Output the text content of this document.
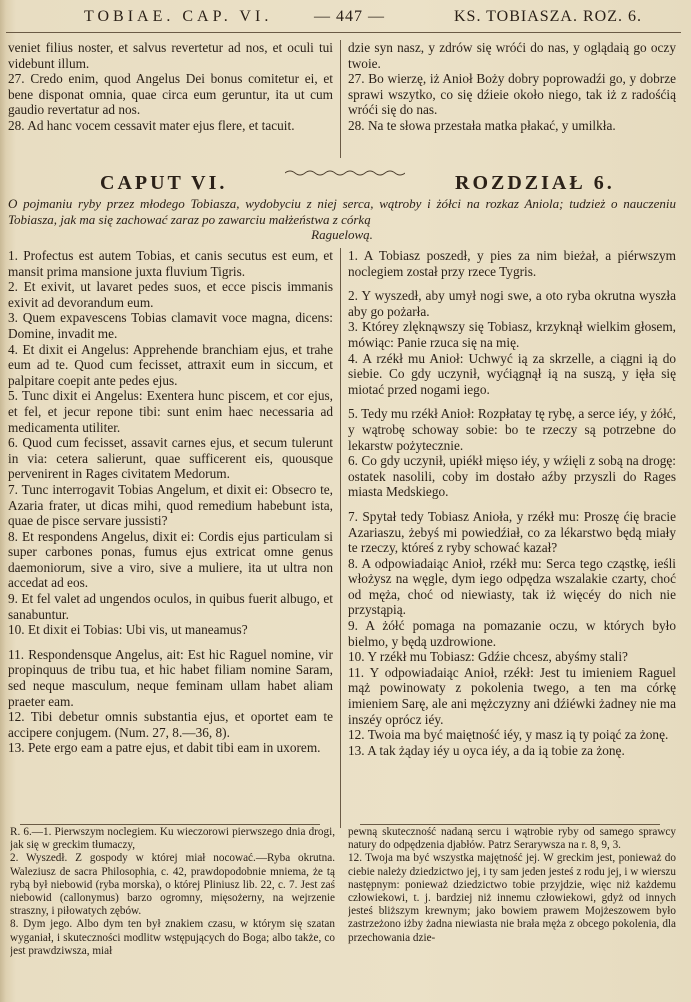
TOBIAE. CAP. VI.	— 447 —	KS. TOBIASZA. ROZ. 6.

veniet filius noster, et salvus revertetur ad nos, et oculi tui videbunt illum.

27. Credo enim, quod Angelus Dei bonus comitetur ei, et bene disponat omnia, quae circa eum geruntur, ita ut cum gaudio revertatur ad nos.

28. Ad hanc vocem cessavit mater ejus flere, et tacuit.

dzie syn nasz, y zdrów się wróći do nas, y oglądaią go oczy twoie.

27. Bo wierzę, iż Anioł Boży dobry poprowadźi go, y dobrze sprawi wszytko, co się dźieie około niego, tak iż z radośćią wróći się do nas.

28. Na te słowa przestała matka płakać, y umilkła.

CAPUT VI.	ROZDZIAŁ 6.
O pojmaniu ryby przez młodego Tobiasza, wydobyciu z niej serca, wątroby i żółci na rozkaz Aniola; tudzież o nauczeniu Tobiasza, jak ma się zachować zaraz po zawarciu małżeństwa z córką
Raguelową.

1. Profectus est autem Tobias, et canis secutus est eum, et mansit prima mansione juxta fluvium Tigris.

2. Et exivit, ut lavaret pedes suos, et ecce piscis immanis exivit ad devorandum eum.

3. Quem expavescens Tobias clamavit voce magna, dicens: Domine, invadit me.

4. Et dixit ei Angelus: Apprehende branchiam ejus, et trahe eum ad te. Quod cum fecisset, attraxit eum in siccum, et palpitare coepit ante pedes ejus.

5. Tunc dixit ei Angelus: Exentera hunc piscem, et cor ejus, et fel, et jecur repone tibi: sunt enim haec necessaria ad medicamenta utiliter.

6. Quod cum fecisset, assavit carnes ejus, et secum tulerunt in via: cetera salierunt, quae sufficerent eis, quousque pervenirent in Rages civitatem Medorum.

7. Tunc interrogavit Tobias Angelum, et dixit ei: Obsecro te, Azaria frater, ut dicas mihi, quod remedium habebunt ista, quae de pisce servare jussisti?

8. Et respondens Angelus, dixit ei: Cordis ejus particulam si super carbones ponas, fumus ejus extricat omne genus daemoniorum, sive a viro, sive a muliere, ita ut ultra non accedat ad eos.

9. Et fel valet ad ungendos oculos, in quibus fuerit albugo, et sanabuntur.

10. Et dixit ei Tobias: Ubi vis, ut maneamus?

11. Respondensque Angelus, ait: Est hic Raguel nomine, vir propinquus de tribu tua, et hic habet filiam nomine Saram, sed neque masculum, neque feminam ullam habet aliam praeter eam.

12. Tibi debetur omnis substantia ejus, et oportet eam te accipere conjugem. (Num. 27, 8.—36, 8).

13. Pete ergo eam a patre ejus, et dabit tibi eam in uxorem.

1. A Tobiasz poszedł, y pies za nim bieżał, a piérwszym noclegiem został przy rzece Tygris.

2. Y wyszedł, aby umył nogi swe, a oto ryba okrutna wyszła aby go pożarła.

3. Którey zlęknąwszy się Tobiasz, krzyknął wielkim głosem, mówiąc: Panie rzuca się na mię.

4. A rzékł mu Anioł: Uchwyć ią za skrzelle, a ciągni ią do siebie. Co gdy uczynił, wyćiągnął ią na suszą, y ięła się miotać przed nogami iego.

5. Tedy mu rzékł Anioł: Rozpłatay tę rybę, a serce iéy, y żółć, y wątrobę schoway sobie: bo te rzeczy są potrzebne do lekarstw pożytecznie.

6. Co gdy uczynił, upiékł mięso iéy, y wźięli z sobą na drogę: ostatek nasolili, coby im dostało aźby przyszli do Rages miasta Medskiego.

7. Spytał tedy Tobiasz Anioła, y rzékł mu: Proszę ćię bracie Azariaszu, żebyś mi powiedźiał, co za lékarstwo będą miały te rzeczy, któreś z ryby schować kazał?

8. A odpowiadaiąc Anioł, rzékł mu: Serca tego cząstkę, ieśli włożysz na węgle, dym iego odpędza wszalakie czarty, choć od męża, choć od niewiasty, tak iż więcéy do nich nie przystąpią.

9. A żółć pomaga na pomazanie oczu, w których było bielmo, y będą uzdrowione.

10. Y rzékł mu Tobiasz: Gdźie chcesz, abyśmy stali?

11. Y odpowiadaiąc Anioł, rzékł: Jest tu imieniem Raguel mąż powinowaty z pokolenia twego, a ten ma córkę imieniem Sarę, ale ani mężczyzny ani dźiéwki żadney nie ma inszéy oprócz iéy.

12. Twoia ma być maiętność iéy, y masz ią ty poiąć za żonę.

13. A tak żąday iéy u oyca iéy, a da ią tobie za żonę.

R. 6.—1. Pierwszym noclegiem. Ku wieczorowi pierwszego dnia drogi, jak się w greckim tłumaczy,

2. Wyszedł. Z gospody w której miał nocować.—Ryba okrutna. Waleziusz de sacra Philosophia, c. 42, prawdopodobnie mniema, że tą rybą był niebowid (ryba morska), o której Pliniusz lib. 22, c. 7. Jest zaś niebowid (callonymus) barzo ogromny, mięsożerny, na wejrzenie straszny, i piłowatych zębów.

8. Dym jego. Albo dym ten był znakiem czasu, w którym się szatan wyganiał, i skuteczności modlitw wstępujących do Boga; albo także, co jest prawdziwsza, miał

pewną skuteczność nadaną sercu i wątrobie ryby od samego sprawcy natury do odpędzenia djabłów. Patrz Serarywsza na r. 8, 9, 3.

12. Twoja ma być wszystka majętność jej. W greckim jest, ponieważ do ciebie należy dziedzictwo jej, i ty sam jeden jesteś z rodu jej, i w wierszu następnym: ponieważ dziedzictwo tobie przyjdzie, więc niż każdemu człowiekowi, t. j. bardziej niż innemu człowiekowi, gdyż od innych jesteś bliższym krewnym; jako bowiem prawem Mojżeszowem było zastrzeżono iżby żadna niewiasta nie brała męża z obcego pokolenia, dla przechowania dzie-
